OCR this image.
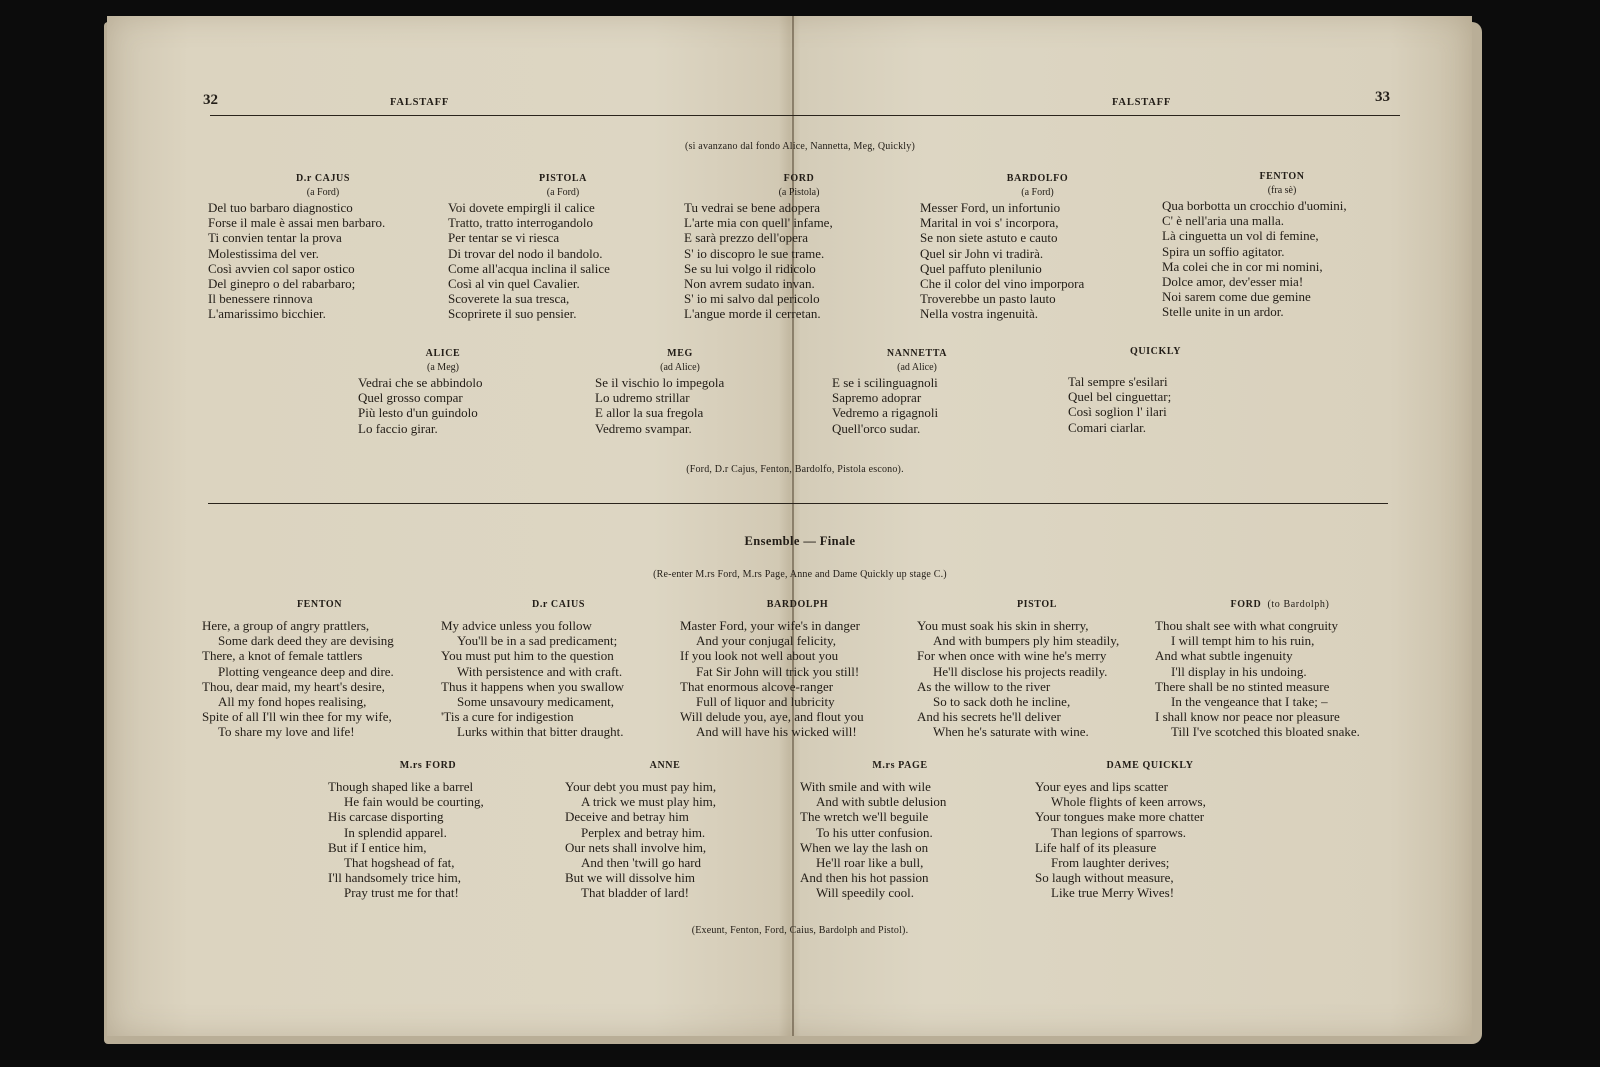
32	FALSTAFF	FALSTAFF	33
(si avanzano dal fondo Alice, Nannetta, Meg, Quickly)
D.r CAJUS
(a Ford)
Del tuo barbaro diagnostico
Forse il male è assai men barbaro.
Ti convien tentar la prova
Molestissima del ver.
Così avvien col sapor ostico
Del ginepro o del rabarbaro;
Il benessere rinnova
L'amarissimo bicchier.
PISTOLA
(a Ford)
Voi dovete empirgli il calice
Tratto, tratto interrogandolo
Per tentar se vi riesca
Di trovar del nodo il bandolo.
Come all'acqua inclina il salice
Così al vin quel Cavalier.
Scoverete la sua tresca,
Scoprirete il suo pensier.
FORD
(a Pistola)
Tu vedrai se bene adopera
L'arte mia con quell' infame,
E sarà prezzo dell'opera
S' io discopro le sue trame.
Se su lui volgo il ridicolo
Non avrem sudato invan.
S' io mi salvo dal pericolo
L'angue morde il cerretan.
BARDOLFO
(a Ford)
Messer Ford, un infortunio
Marital in voi s' incorpora,
Se non siete astuto e cauto
Quel sir John vi tradirà.
Quel paffuto plenilunio
Che il color del vino imporpora
Troverebbe un pasto lauto
Nella vostra ingenuità.
FENTON
(fra sè)
Qua borbotta un crocchio d'uomini,
C' è nell'aria una malla.
Là cinguetta un vol di femine,
Spira un soffio agitator.
Ma colei che in cor mi nomini,
Dolce amor, dev'esser mia!
Noi sarem come due gemine
Stelle unite in un ardor.
ALICE
(a Meg)
Vedrai che se abbindolo
Quel grosso compar
Più lesto d'un guindolo
Lo faccio girar.
MEG
(ad Alice)
Se il vischio lo impegola
Lo udremo strillar
E allor la sua fregola
Vedremo svampar.
NANNETTA
(ad Alice)
E se i scilinguagnoli
Sapremo adoprar
Vedremo a rigagnoli
Quell'orco sudar.
QUICKLY
Tal sempre s'esilari
Quel bel cinguettar;
Così soglion l' ilari
Comari ciarlar.
(Ford, D.r Cajus, Fenton, Bardolfo, Pistola escono).
Ensemble — Finale
(Re-enter M.rs Ford, M.rs Page, Anne and Dame Quickly up stage C.)
FENTON
Here, a group of angry prattlers,
Some dark deed they are devising
There, a knot of female tattlers
Plotting vengeance deep and dire.
Thou, dear maid, my heart's desire,
All my fond hopes realising,
Spite of all I'll win thee for my wife,
To share my love and life!
D.r CAIUS
My advice unless you follow
You'll be in a sad predicament;
You must put him to the question
With persistence and with craft.
Thus it happens when you swallow
Some unsavoury medicament,
'Tis a cure for indigestion
Lurks within that bitter draught.
BARDOLPH
Master Ford, your wife's in danger
And your conjugal felicity,
If you look not well about you
Fat Sir John will trick you still!
That enormous alcove-ranger
Full of liquor and lubricity
Will delude you, aye, and flout you
And will have his wicked will!
PISTOL
You must soak his skin in sherry,
And with bumpers ply him steadily,
For when once with wine he's merry
He'll disclose his projects readily.
As the willow to the river
So to sack doth he incline,
And his secrets he'll deliver
When he's saturate with wine.
FORD (to Bardolph)
Thou shalt see with what congruity
I will tempt him to his ruin,
And what subtle ingenuity
I'll display in his undoing.
There shall be no stinted measure
In the vengeance that I take; –
I shall know nor peace nor pleasure
Till I've scotched this bloated snake.
M.rs FORD
Though shaped like a barrel
He fain would be courting,
His carcase disporting
In splendid apparel.
But if I entice him,
That hogshead of fat,
I'll handsomely trice him,
Pray trust me for that!
ANNE
Your debt you must pay him,
A trick we must play him,
Deceive and betray him
Perplex and betray him.
Our nets shall involve him,
And then 'twill go hard
But we will dissolve him
That bladder of lard!
M.rs PAGE
With smile and with wile
And with subtle delusion
The wretch we'll beguile
To his utter confusion.
When we lay the lash on
He'll roar like a bull,
And then his hot passion
Will speedily cool.
DAME QUICKLY
Your eyes and lips scatter
Whole flights of keen arrows,
Your tongues make more chatter
Than legions of sparrows.
Life half of its pleasure
From laughter derives;
So laugh without measure,
Like true Merry Wives!
(Exeunt, Fenton, Ford, Caius, Bardolph and Pistol).
